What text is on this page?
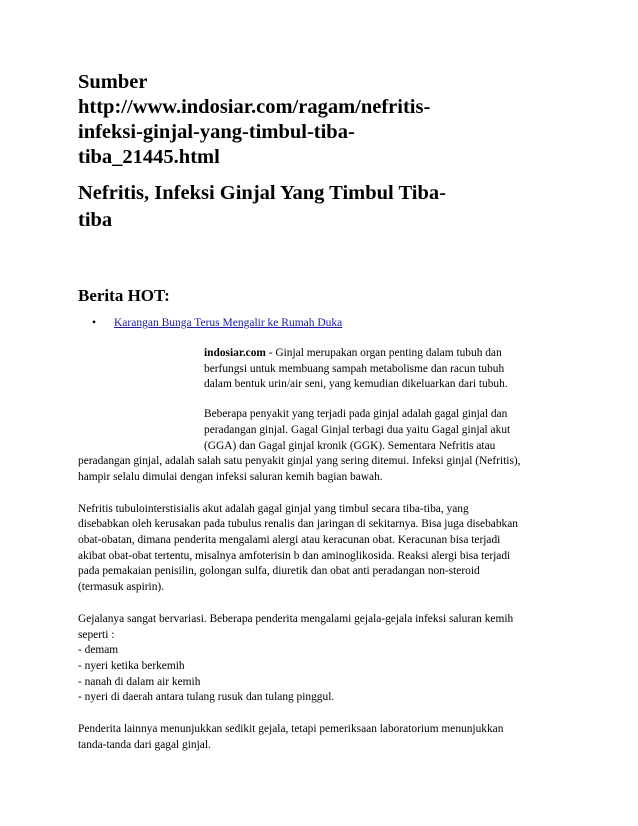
Sumber
http://www.indosiar.com/ragam/nefritis-
infeksi-ginjal-yang-timbul-tiba-
tiba_21445.html
Nefritis, Infeksi Ginjal Yang Timbul Tiba-
tiba
Berita HOT:
• Karangan Bunga Terus Mengalir ke Rumah Duka
indosiar.com - Ginjal merupakan organ penting dalam tubuh dan
berfungsi untuk membuang sampah metabolisme dan racun tubuh
dalam bentuk urin/air seni, yang kemudian dikeluarkan dari tubuh.
Beberapa penyakit yang terjadi pada ginjal adalah gagal ginjal dan
peradangan ginjal. Gagal Ginjal terbagi dua yaitu Gagal ginjal akut
(GGA) dan Gagal ginjal kronik (GGK). Sementara Nefritis atau
peradangan ginjal, adalah salah satu penyakit ginjal yang sering ditemui. Infeksi ginjal (Nefritis),
hampir selalu dimulai dengan infeksi saluran kemih bagian bawah.
Nefritis tubulointerstisialis akut adalah gagal ginjal yang timbul secara tiba-tiba, yang
disebabkan oleh kerusakan pada tubulus renalis dan jaringan di sekitarnya. Bisa juga disebabkan
obat-obatan, dimana penderita mengalami alergi atau keracunan obat. Keracunan bisa terjadi
akibat obat-obat tertentu, misalnya amfoterisin b dan aminoglikosida. Reaksi alergi bisa terjadi
pada pemakaian penisilin, golongan sulfa, diuretik dan obat anti peradangan non-steroid
(termasuk aspirin).
Gejalanya sangat bervariasi. Beberapa penderita mengalami gejala-gejala infeksi saluran kemih
seperti :
- demam
- nyeri ketika berkemih
- nanah di dalam air kemih
- nyeri di daerah antara tulang rusuk dan tulang pinggul.
Penderita lainnya menunjukkan sedikit gejala, tetapi pemeriksaan laboratorium menunjukkan
tanda-tanda dari gagal ginjal.
